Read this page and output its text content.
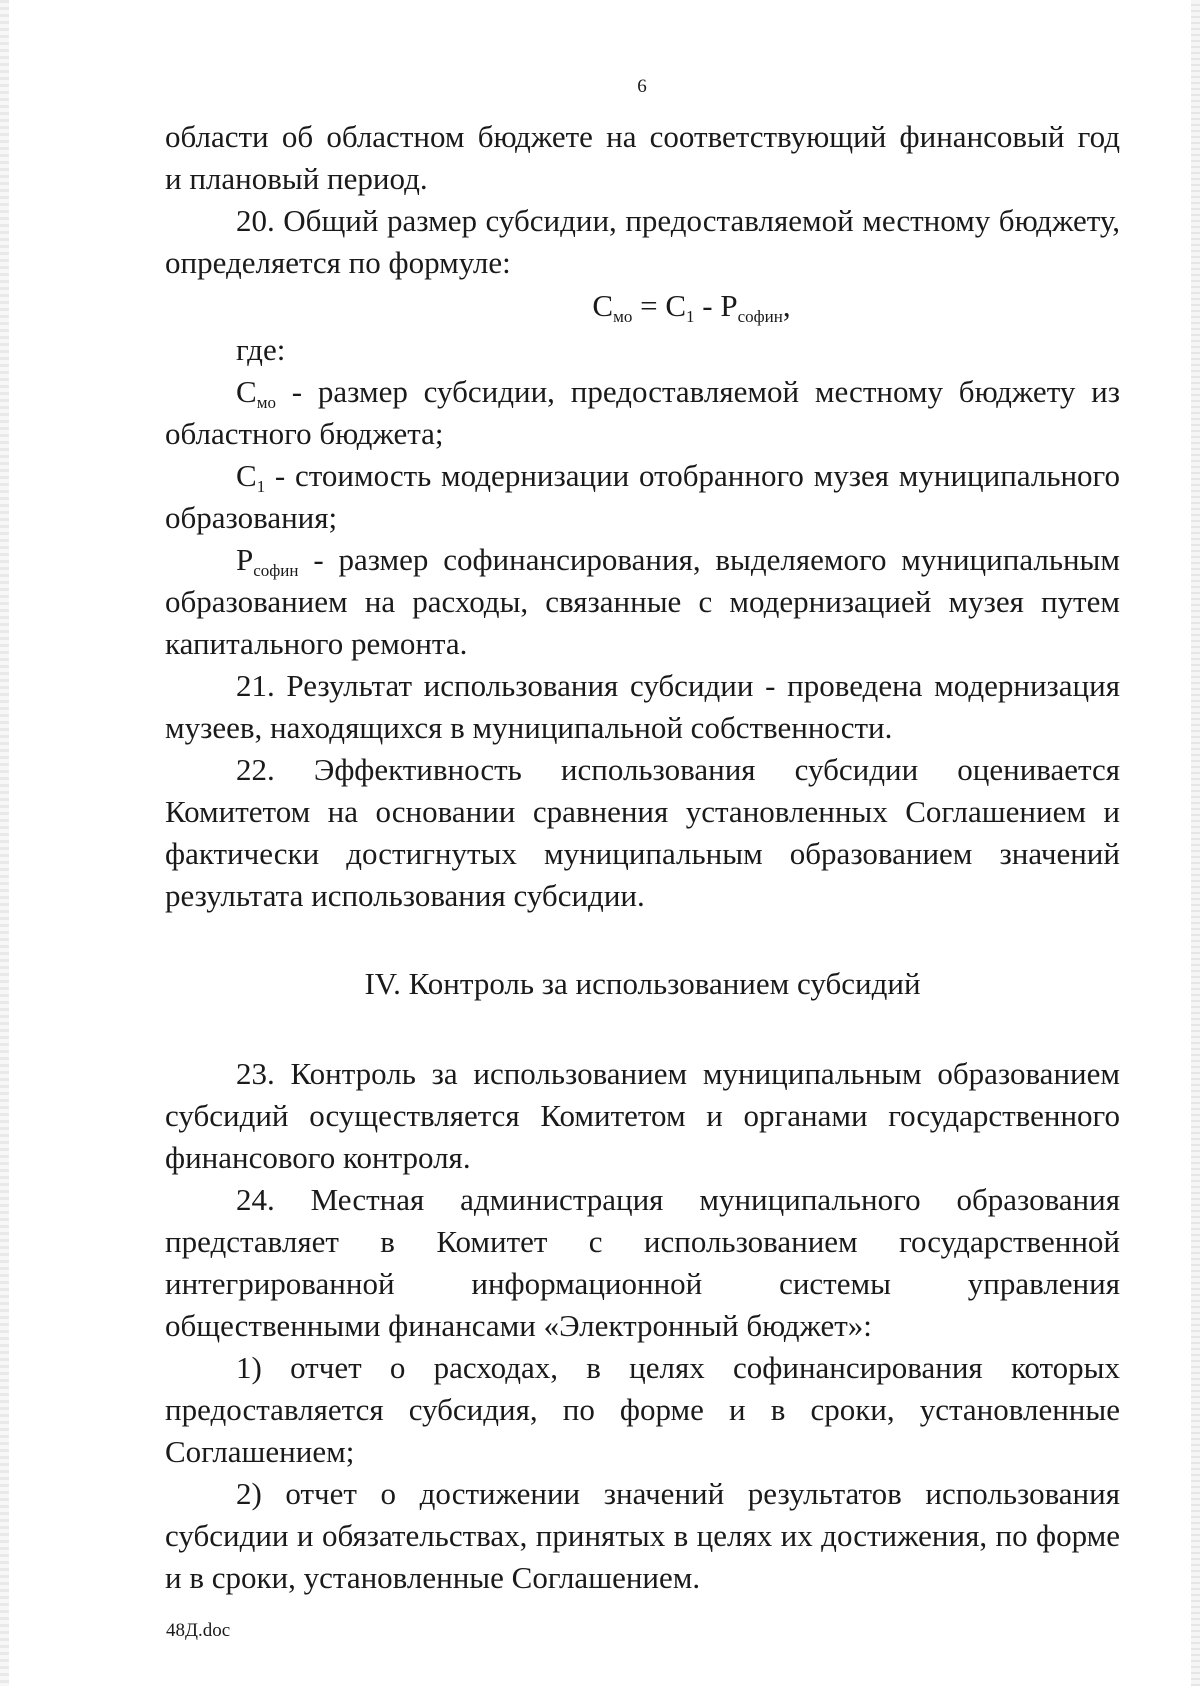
6

области об областном бюджете на соответствующий финансовый год

и плановый период.

20. Общий размер субсидии, предоставляемой местному бюджету, определяется по формуле:

$С_{мо} = С_1 - Р_{софин}$,

где:

$С_{мо}$ - размер субсидии, предоставляемой местному бюджету из областного бюджета;

$С_1$ - стоимость модернизации отобранного музея муниципального образования;

$Р_{софин}$ - размер софинансирования, выделяемого муниципальным образованием на расходы, связанные с модернизацией музея путем капитального ремонта.

21. Результат использования субсидии - проведена модернизация музеев, находящихся в муниципальной собственности.

22. Эффективность использования субсидии оценивается Комитетом на основании сравнения установленных Соглашением и фактически достигнутых муниципальным образованием значений результата использования субсидии.

IV. Контроль за использованием субсидий

23. Контроль за использованием муниципальным образованием субсидий осуществляется Комитетом и органами государственного финансового контроля.

24. Местная администрация муниципального образования представляет в Комитет с использованием государственной интегрированной информационной системы управления общественными финансами «Электронный бюджет»:

1) отчет о расходах, в целях софинансирования которых предоставляется субсидия, по форме и в сроки, установленные Соглашением;

2) отчет о достижении значений результатов использования субсидии и обязательствах, принятых в целях их достижения, по форме и в сроки, установленные Соглашением.

48Д.doc
